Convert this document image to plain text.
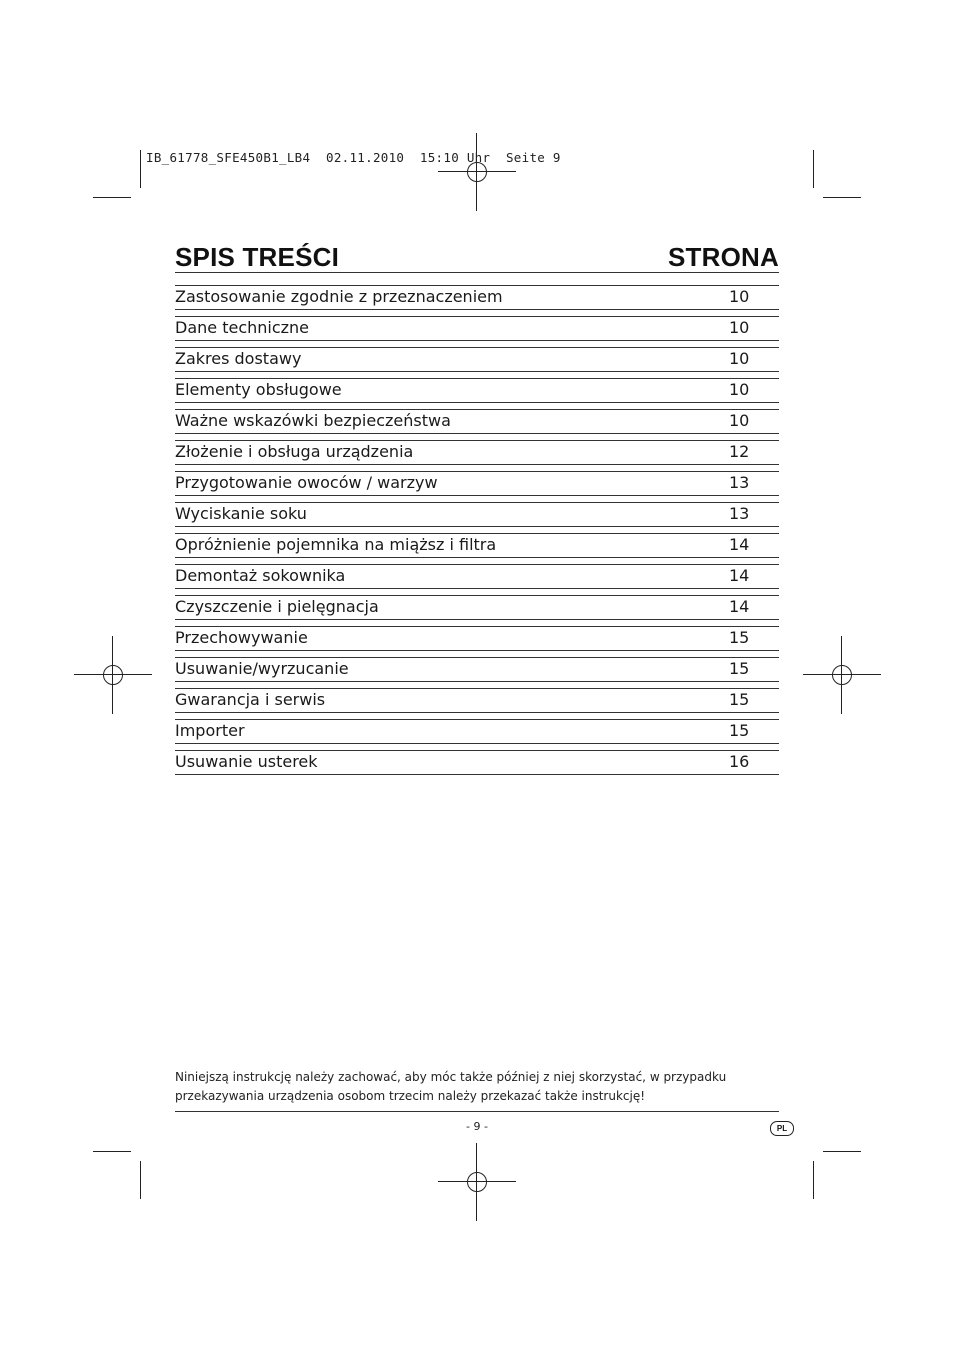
IB_61778_SFE450B1_LB4  02.11.2010  15:10 Uhr  Seite 9
SPIS TREŚCI	STRONA
Zastosowanie zgodnie z przeznaczeniem	10
Dane techniczne	10
Zakres dostawy	10
Elementy obsługowe	10
Ważne wskazówki bezpieczeństwa	10
Złożenie i obsługa urządzenia	12
Przygotowanie owoców / warzyw	13
Wyciskanie soku	13
Opróżnienie pojemnika na miąższ i filtra	14
Demontaż sokownika	14
Czyszczenie i pielęgnacja	14
Przechowywanie	15
Usuwanie/wyrzucanie	15
Gwarancja i serwis	15
Importer	15
Usuwanie usterek	16
Niniejszą instrukcję należy zachować, aby móc także później z niej skorzystać, w przypadku
przekazywania urządzenia osobom trzecim należy przekazać także instrukcję!
- 9 -	PL
